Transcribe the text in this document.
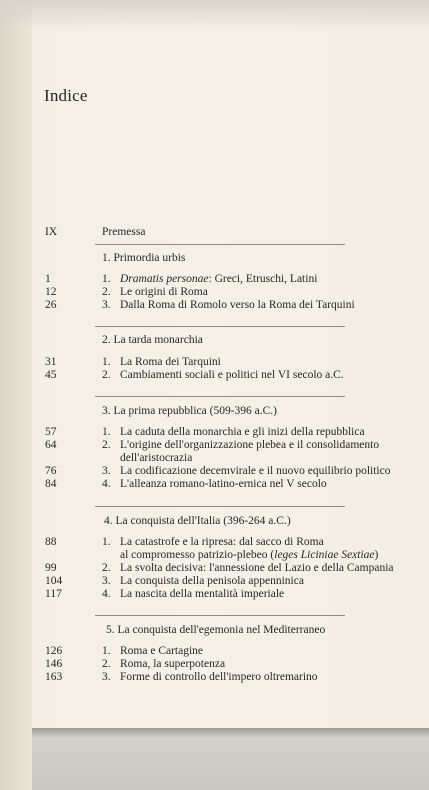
Indice
IX	Premessa
1. Primordia urbis
1	1. Dramatis personae: Greci, Etruschi, Latini
12	2. Le origini di Roma
26	3. Dalla Roma di Romolo verso la Roma dei Tarquini
2. La tarda monarchia
31	1. La Roma dei Tarquini
45	2. Cambiamenti sociali e politici nel VI secolo a.C.
3. La prima repubblica (509-396 a.C.)
57	1. La caduta della monarchia e gli inizi della repubblica
64	2. L'origine dell'organizzazione plebea e il consolidamento
dell'aristocrazia
76	3. La codificazione decemvirale e il nuovo equilibrio politico
84	4. L'alleanza romano-latino-ernica nel V secolo
4. La conquista dell'Italia (396-264 a.C.)
88	1. La catastrofe e la ripresa: dal sacco di Roma
al compromesso patrizio-plebeo (leges Liciniae Sextiae)
99	2. La svolta decisiva: l'annessione del Lazio e della Campania
104	3. La conquista della penisola appenninica
117	4. La nascita della mentalità imperiale
5. La conquista dell'egemonia nel Mediterraneo
126	1. Roma e Cartagine
146	2. Roma, la superpotenza
163	3. Forme di controllo dell'impero oltremarino
